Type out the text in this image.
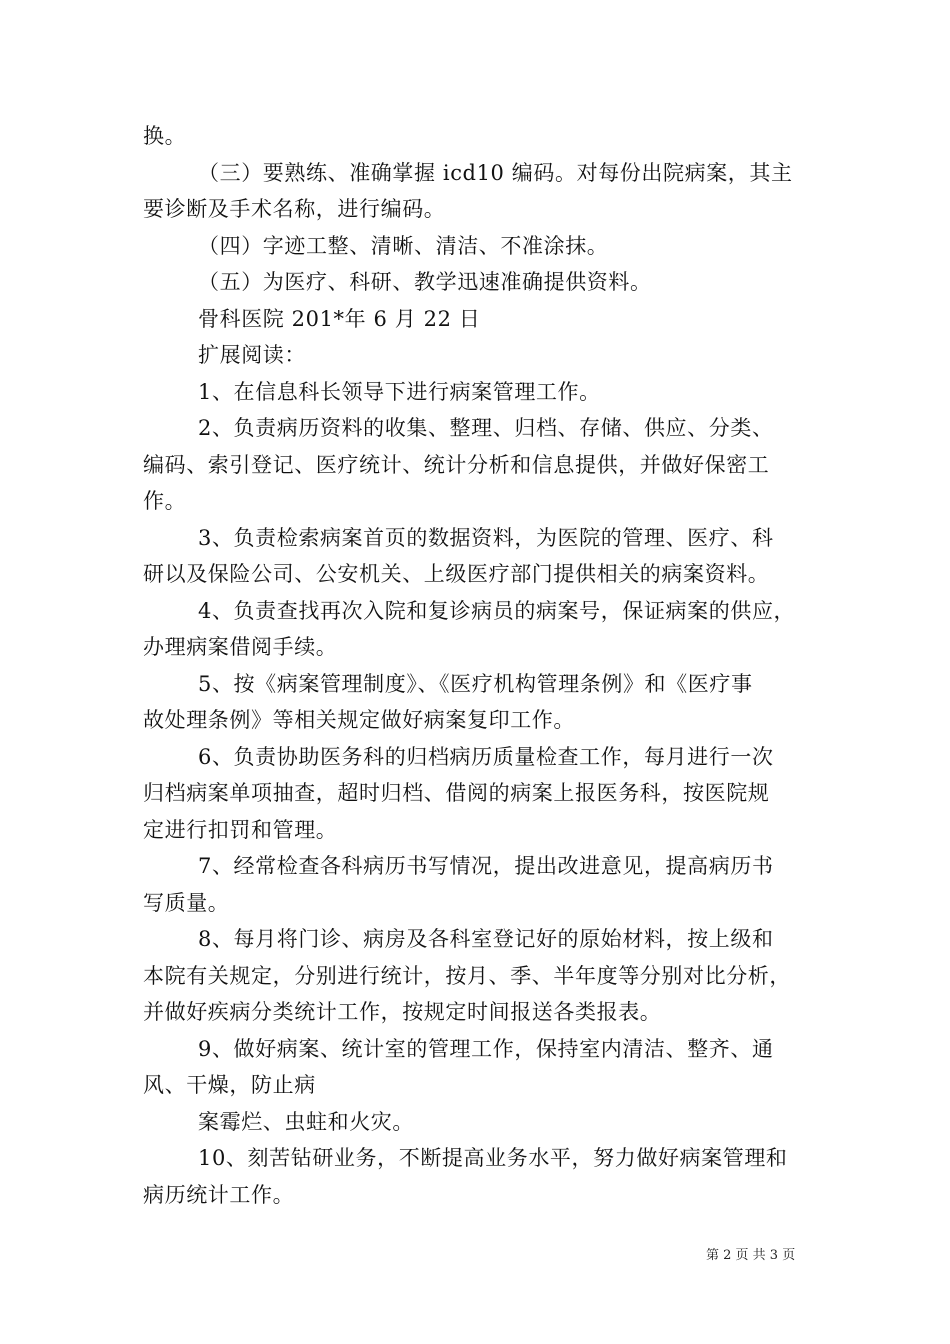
换。
（三）要熟练、准确掌握 icd10 编码。对每份出院病案，其主
要诊断及手术名称，进行编码。
（四）字迹工整、清晰、清洁、不准涂抹。
（五）为医疗、科研、教学迅速准确提供资料。
骨科医院 201*年 6 月 22 日
扩展阅读：
1、在信息科长领导下进行病案管理工作。
2、负责病历资料的收集、整理、归档、存储、供应、分类、
编码、索引登记、医疗统计、统计分析和信息提供，并做好保密工
作。
3、负责检索病案首页的数据资料，为医院的管理、医疗、科
研以及保险公司、公安机关、上级医疗部门提供相关的病案资料。
4、负责查找再次入院和复诊病员的病案号，保证病案的供应，
办理病案借阅手续。
5、按《病案管理制度》、《医疗机构管理条例》和《医疗事
故处理条例》等相关规定做好病案复印工作。
6、负责协助医务科的归档病历质量检查工作，每月进行一次
归档病案单项抽查，超时归档、借阅的病案上报医务科，按医院规
定进行扣罚和管理。
7、经常检查各科病历书写情况，提出改进意见，提高病历书
写质量。
8、每月将门诊、病房及各科室登记好的原始材料，按上级和
本院有关规定，分别进行统计，按月、季、半年度等分别对比分析，
并做好疾病分类统计工作，按规定时间报送各类报表。
9、做好病案、统计室的管理工作，保持室内清洁、整齐、通
风、干燥，防止病
案霉烂、虫蛀和火灾。
10、刻苦钻研业务，不断提高业务水平，努力做好病案管理和
病历统计工作。
第 2 页 共 3 页
